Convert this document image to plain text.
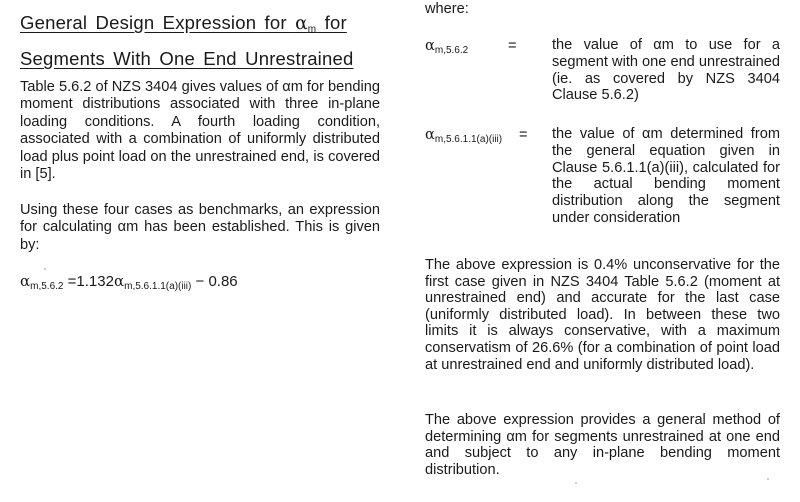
General Design Expression for $\alpha_m$ for
Segments With One End Unrestrained

Table 5.6.2 of NZS 3404 gives values of αm for bending moment distributions associated with three in-plane loading conditions. A fourth loading condition, associated with a combination of uniformly distributed load plus point load on the unrestrained end, is covered in [5].

Using these four cases as benchmarks, an expression for calculating αm has been established. This is given by:

$\alpha_{m,5.6.2} =1.132\alpha_{m,5.6.1.1(a)(iii)} - 0.86$
where:
$\alpha_{m,5.6.2}$	= the value of αm to use for a segment with one end unrestrained (ie. as covered by NZS 3404 Clause 5.6.2)
$\alpha_{m,5.6.1.1(a)(iii)}$ = the value of αm determined from the general equation given in Clause 5.6.1.1(a)(iii), calculated for the actual bending moment distribution along the segment under consideration

The above expression is 0.4% unconservative for the first case given in NZS 3404 Table 5.6.2 (moment at unrestrained end) and accurate for the last case (uniformly distributed load). In between these two limits it is always conservative, with a maximum conservatism of 26.6% (for a combination of point load at unrestrained end and uniformly distributed load).

The above expression provides a general method of determining αm for segments unrestrained at one end and subject to any in-plane bending moment distribution.
